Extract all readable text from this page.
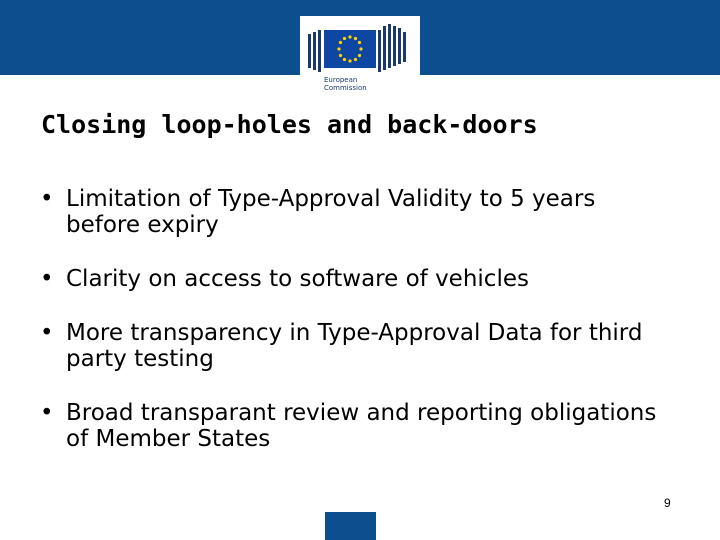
European
Commission
Closing loop-holes and back-doors
• Limitation of Type-Approval Validity to 5 years before expiry
• Clarity on access to software of vehicles
• More transparency in Type-Approval Data for third party testing
• Broad transparant review and reporting obligations of Member States
9
